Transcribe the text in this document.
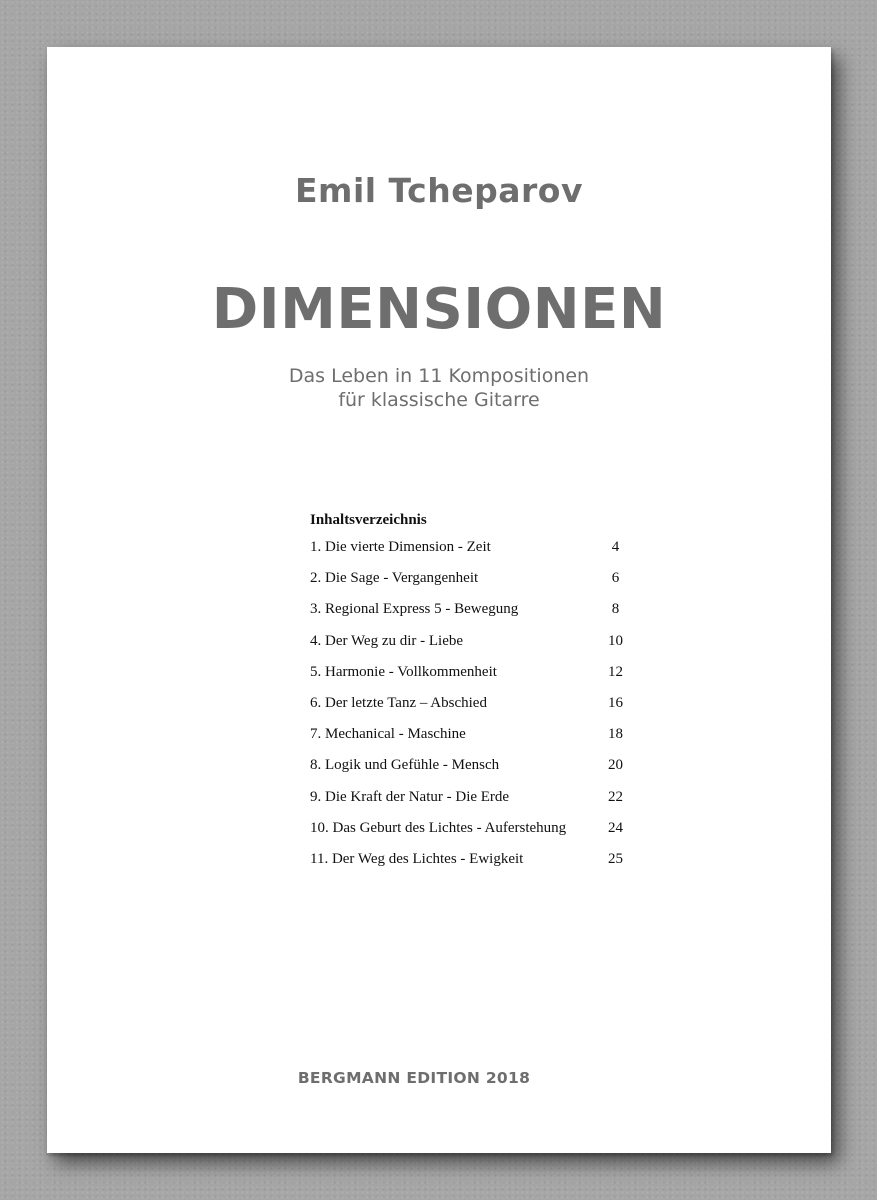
Emil Tcheparov
DIMENSIONEN
Das Leben in 11 Kompositionen
für klassische Gitarre
Inhaltsverzeichnis
1. Die vierte Dimension - Zeit	4
2. Die Sage - Vergangenheit	6
3. Regional Express 5 - Bewegung	8
4. Der Weg zu dir - Liebe	10
5. Harmonie - Vollkommenheit	12
6. Der letzte Tanz – Abschied	16
7. Mechanical - Maschine	18
8. Logik und Gefühle - Mensch	20
9. Die Kraft der Natur - Die Erde	22
10. Das Geburt des Lichtes - Auferstehung	24
11. Der Weg des Lichtes - Ewigkeit	25
BERGMANN EDITION 2018
